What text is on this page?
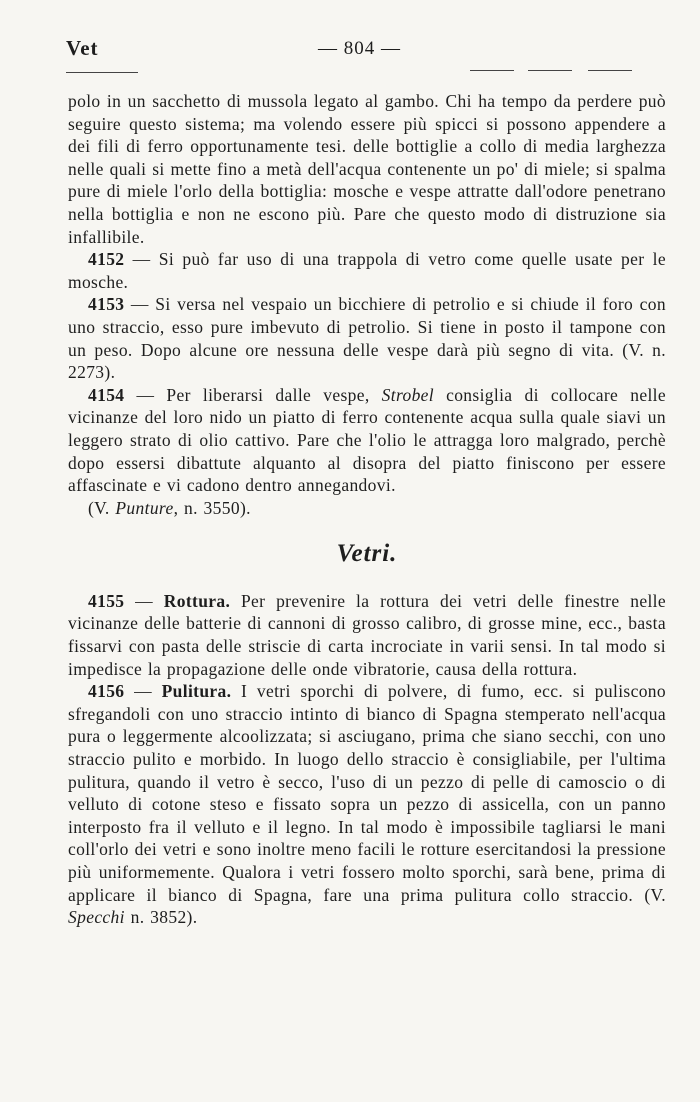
Vet	— 804 —

polo in un sacchetto di mussola legato al gambo. Chi ha tempo da perdere può seguire questo sistema; ma volendo essere più spicci si possono appendere a dei fili di ferro opportunamente tesi. delle bottiglie a collo di media larghezza nelle quali si mette fino a metà dell'acqua contenente un po' di miele; si spalma pure di miele l'orlo della bottiglia: mosche e vespe attratte dall'odore penetrano nella bottiglia e non ne escono più. Pare che questo modo di distruzione sia infallibile.

4152 — Si può far uso di una trappola di vetro come quelle usate per le mosche.

4153 — Si versa nel vespaio un bicchiere di petrolio e si chiude il foro con uno straccio, esso pure imbevuto di petrolio. Si tiene in posto il tampone con un peso. Dopo alcune ore nessuna delle vespe darà più segno di vita. (V. n. 2273).

4154 — Per liberarsi dalle vespe, Strobel consiglia di collocare nelle vicinanze del loro nido un piatto di ferro contenente acqua sulla quale siavi un leggero strato di olio cattivo. Pare che l'olio le attragga loro malgrado, perchè dopo essersi dibattute alquanto al disopra del piatto finiscono per essere affascinate e vi cadono dentro annegandovi.

(V. Punture, n. 3550).

Vetri.

4155 — Rottura. Per prevenire la rottura dei vetri delle finestre nelle vicinanze delle batterie di cannoni di grosso calibro, di grosse mine, ecc., basta fissarvi con pasta delle striscie di carta incrociate in varii sensi. In tal modo si impedisce la propagazione delle onde vibratorie, causa della rottura.

4156 — Pulitura. I vetri sporchi di polvere, di fumo, ecc. si puliscono sfregandoli con uno straccio intinto di bianco di Spagna stemperato nell'acqua pura o leggermente alcoolizzata; si asciugano, prima che siano secchi, con uno straccio pulito e morbido. In luogo dello straccio è consigliabile, per l'ultima pulitura, quando il vetro è secco, l'uso di un pezzo di pelle di camoscio o di velluto di cotone steso e fissato sopra un pezzo di assicella, con un panno interposto fra il velluto e il legno. In tal modo è impossibile tagliarsi le mani coll'orlo dei vetri e sono inoltre meno facili le rotture esercitandosi la pressione più uniformemente. Qualora i vetri fossero molto sporchi, sarà bene, prima di applicare il bianco di Spagna, fare una prima pulitura collo straccio. (V. Specchi n. 3852).
